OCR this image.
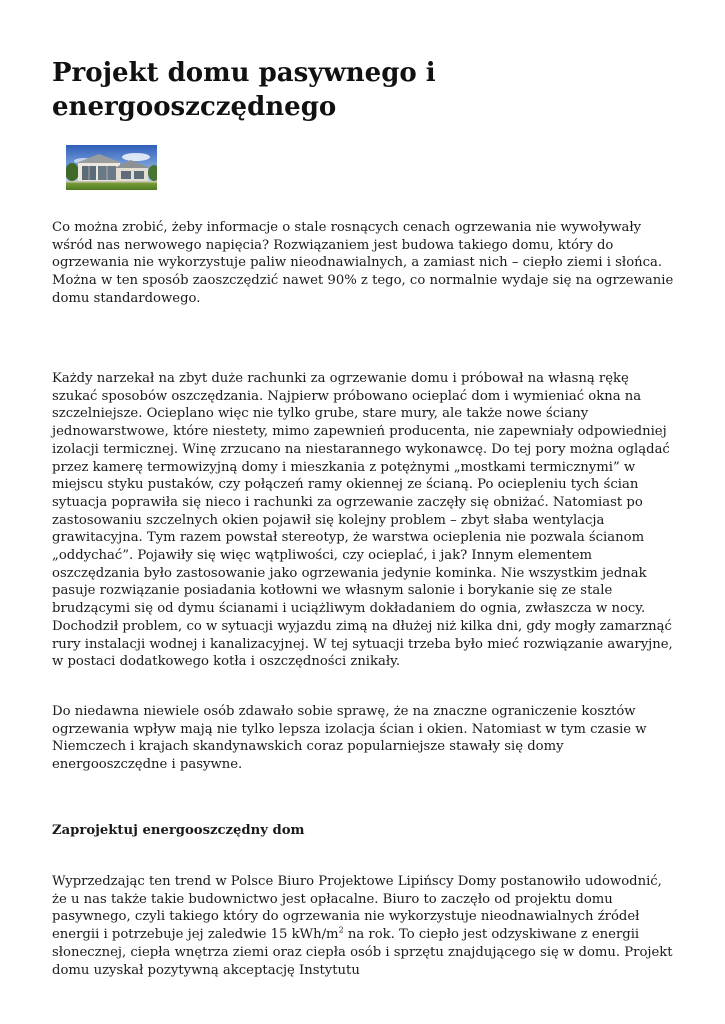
Projekt domu pasywnego i
energooszczędnego

Co można zrobić, żeby informacje o stale rosnących cenach ogrzewania nie wywoływały wśród nas nerwowego napięcia? Rozwiązaniem jest budowa takiego domu, który do ogrzewania nie wykorzystuje paliw nieodnawialnych, a zamiast nich – ciepło ziemi i słońca. Można w ten sposób zaoszczędzić nawet 90% z tego, co normalnie wydaje się na ogrzewanie domu standardowego.

Każdy narzekał na zbyt duże rachunki za ogrzewanie domu i próbował na własną rękę szukać sposobów oszczędzania. Najpierw próbowano ocieplać dom i wymieniać okna na szczelniejsze. Ocieplano więc nie tylko grube, stare mury, ale także nowe ściany jednowarstwowe, które niestety, mimo zapewnień producenta, nie zapewniały odpowiedniej izolacji termicznej. Winę zrzucano na niestarannego wykonawcę. Do tej pory można oglądać przez kamerę termowizyjną domy i mieszkania z potężnymi „mostkami termicznymi” w miejscu styku pustaków, czy połączeń ramy okiennej ze ścianą. Po ociepleniu tych ścian sytuacja poprawiła się nieco i rachunki za ogrzewanie zaczęły się obniżać. Natomiast po zastosowaniu szczelnych okien pojawił się kolejny problem – zbyt słaba wentylacja grawitacyjna. Tym razem powstał stereotyp, że warstwa ocieplenia nie pozwala ścianom „oddychać”. Pojawiły się więc wątpliwości, czy ocieplać, i jak? Innym elementem oszczędzania było zastosowanie jako ogrzewania jedynie kominka. Nie wszystkim jednak pasuje rozwiązanie posiadania kotłowni we własnym salonie i borykanie się ze stale brudzącymi się od dymu ścianami i uciążliwym dokładaniem do ognia, zwłaszcza w nocy. Dochodził problem, co w sytuacji wyjazdu zimą na dłużej niż kilka dni, gdy mogły zamarznąć rury instalacji wodnej i kanalizacyjnej. W tej sytuacji trzeba było mieć rozwiązanie awaryjne, w postaci dodatkowego kotła i oszczędności znikały.

Do niedawna niewiele osób zdawało sobie sprawę, że na znaczne ograniczenie kosztów ogrzewania wpływ mają nie tylko lepsza izolacja ścian i okien. Natomiast w tym czasie w Niemczech i krajach skandynawskich coraz popularniejsze stawały się domy energooszczędne i pasywne.

Zaprojektuj energooszczędny dom

Wyprzedzając ten trend w Polsce Biuro Projektowe Lipińscy Domy postanowiło udowodnić, że u nas także takie budownictwo jest opłacalne. Biuro to zaczęło od projektu domu pasywnego, czyli takiego który do ogrzewania nie wykorzystuje nieodnawialnych źródeł energii i potrzebuje jej zaledwie 15 kWh/$m^2$ na rok. To ciepło jest odzyskiwane z energii słonecznej, ciepła wnętrza ziemi oraz ciepła osób i sprzętu znajdującego się w domu. Projekt domu uzyskał pozytywną akceptację Instytutu
